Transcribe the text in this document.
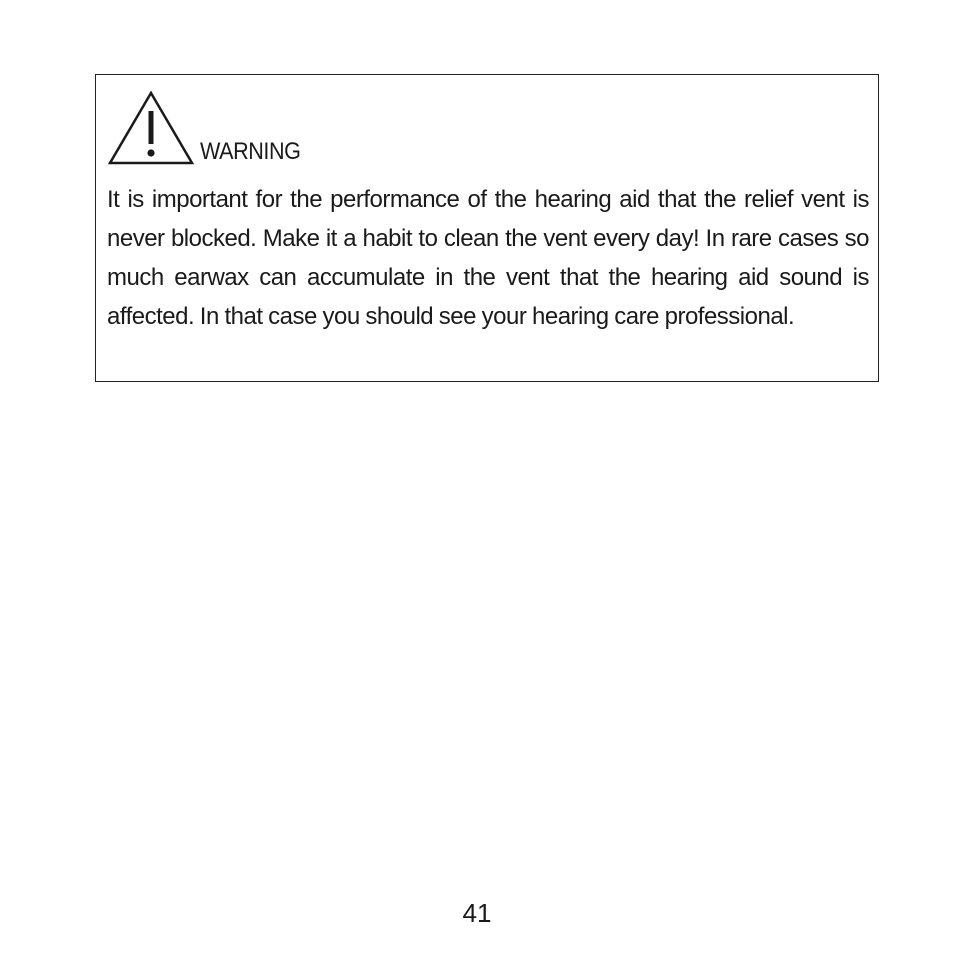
WARNING

It is important for the performance of the hearing aid that the relief vent is never blocked. Make it a habit to clean the vent every day! In rare cases so much earwax can accumulate in the vent that the hearing aid sound is affected. In that case you should see your hearing care professional.

41
